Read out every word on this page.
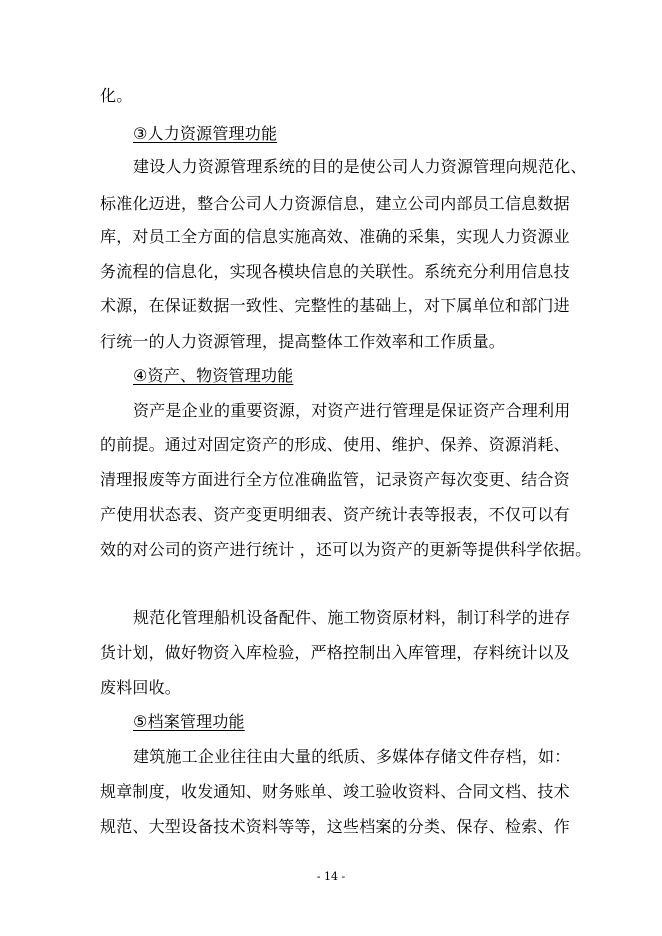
化。
③人力资源管理功能
建设人力资源管理系统的目的是使公司人力资源管理向规范化、
标准化迈进，整合公司人力资源信息，建立公司内部员工信息数据
库，对员工全方面的信息实施高效、准确的采集，实现人力资源业
务流程的信息化，实现各模块信息的关联性。系统充分利用信息技
术源，在保证数据一致性、完整性的基础上，对下属单位和部门进
行统一的人力资源管理，提高整体工作效率和工作质量。
④资产、物资管理功能
资产是企业的重要资源，对资产进行管理是保证资产合理利用
的前提。通过对固定资产的形成、使用、维护、保养、资源消耗、
清理报废等方面进行全方位准确监管，记录资产每次变更、结合资
产使用状态表、资产变更明细表、资产统计表等报表，不仅可以有
效的对公司的资产进行统计 ，还可以为资产的更新等提供科学依据。
规范化管理船机设备配件、施工物资原材料，制订科学的进存
货计划，做好物资入库检验，严格控制出入库管理，存料统计以及
废料回收。
⑤档案管理功能
建筑施工企业往往由大量的纸质、多媒体存储文件存档，如：
规章制度，收发通知、财务账单、竣工验收资料、合同文档、技术
规范、大型设备技术资料等等，这些档案的分类、保存、检索、作
- 14 -
